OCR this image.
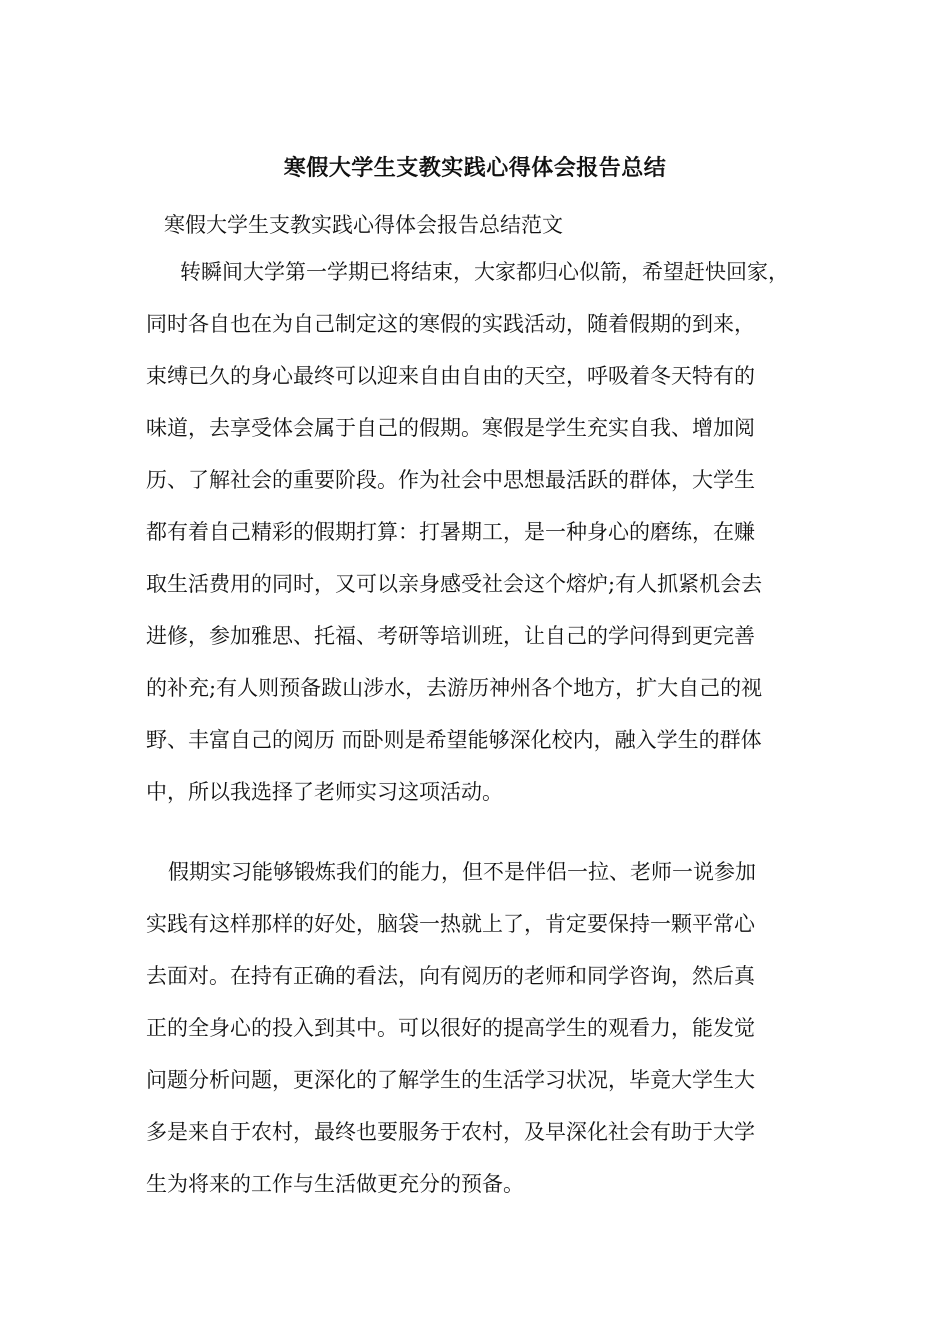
寒假大学生支教实践心得体会报告总结
寒假大学生支教实践心得体会报告总结范文
转瞬间大学第一学期已将结束，大家都归心似箭，希望赶快回家，
同时各自也在为自己制定这的寒假的实践活动，随着假期的到来，
束缚已久的身心最终可以迎来自由自由的天空，呼吸着冬天特有的
味道，去享受体会属于自己的假期。寒假是学生充实自我、增加阅
历、了解社会的重要阶段。作为社会中思想最活跃的群体，大学生
都有着自己精彩的假期打算：打暑期工，是一种身心的磨练，在赚
取生活费用的同时，又可以亲身感受社会这个熔炉;有人抓紧机会去
进修，参加雅思、托福、考研等培训班，让自己的学问得到更完善
的补充;有人则预备跋山涉水，去游历神州各个地方，扩大自己的视
野、丰富自己的阅历 而卧则是希望能够深化校内，融入学生的群体
中，所以我选择了老师实习这项活动。
假期实习能够锻炼我们的能力，但不是伴侣一拉、老师一说参加
实践有这样那样的好处，脑袋一热就上了，肯定要保持一颗平常心
去面对。在持有正确的看法，向有阅历的老师和同学咨询，然后真
正的全身心的投入到其中。可以很好的提高学生的观看力，能发觉
问题分析问题，更深化的了解学生的生活学习状况，毕竟大学生大
多是来自于农村，最终也要服务于农村，及早深化社会有助于大学
生为将来的工作与生活做更充分的预备。
